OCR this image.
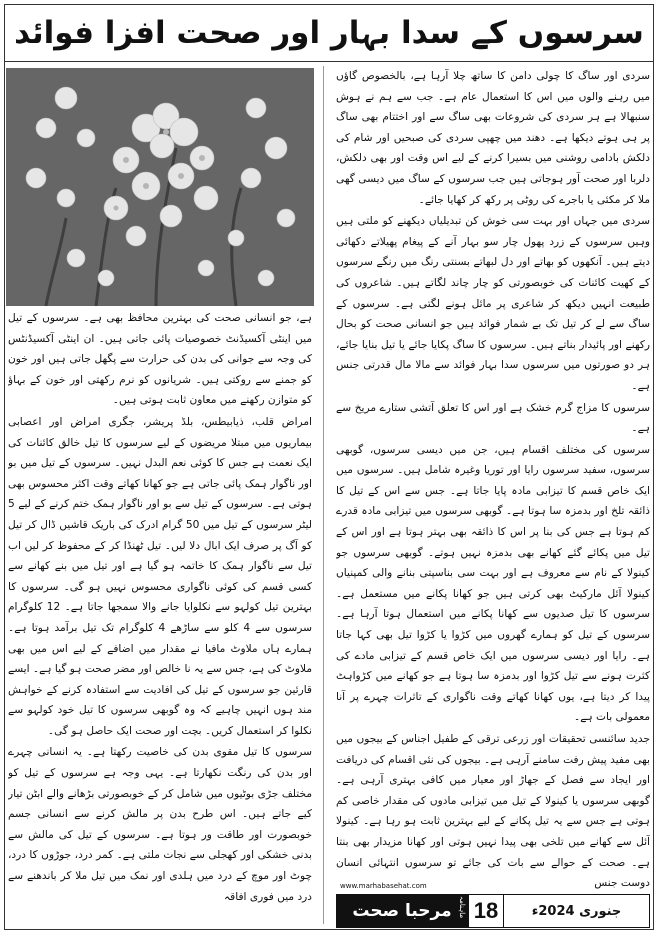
سرسوں کے سدا بہار اور صحت افزا فوائد

سردی اور ساگ کا چولی دامن کا ساتھ چلا آرہا ہے، بالخصوص گاؤں میں رہنے والوں میں اس کا استعمال عام ہے۔ جب سے ہم نے ہوش سنبھالا ہے ہر سردی کی شروعات بھی ساگ سے اور اختتام بھی ساگ پر ہی ہوتے دیکھا ہے۔ دھند میں چھپی سردی کی صبحیں اور شام کی دلکش بادامی روشنی میں بسیرا کرنے کے لیے اس وقت اور بھی دلکش، دلربا اور صحت آور ہوجاتی ہیں جب سرسوں کے ساگ میں دیسی گھی ملا کر مکئی یا باجرے کی روٹی پر رکھ کر کھایا جائے۔

سردی میں جہاں اور بہت سی خوش کن تبدیلیاں دیکھنے کو ملتی ہیں وہیں سرسوں کے زرد پھول چار سو بہار آنے کے پیغام پھیلاتے دکھائی دیتے ہیں۔ آنکھوں کو بھاتے اور دل لبھاتے بسنتی رنگ میں رنگے سرسوں کے کھیت کائنات کی خوبصورتی کو چار چاند لگاتے ہیں۔ شاعروں کی طبیعت انہیں دیکھ کر شاعری پر مائل ہونے لگتی ہے۔ سرسوں کے ساگ سے لے کر تیل تک بے شمار فوائد ہیں جو انسانی صحت کو بحال رکھنے اور پائیدار بناتے ہیں۔ سرسوں کا ساگ پکایا جائے یا تیل بنایا جائے، ہر دو صورتوں میں سرسوں سدا بہار فوائد سے مالا مال قدرتی جنس ہے۔

سرسوں کا مزاج گرم خشک ہے اور اس کا تعلق آتشی ستارے مریخ سے ہے۔

سرسوں کی مختلف اقسام ہیں، جن میں دیسی سرسوں، گوبھی سرسوں، سفید سرسوں رایا اور توریا وغیرہ شامل ہیں۔ سرسوں میں ایک خاص قسم کا تیزابی مادہ پایا جاتا ہے۔ جس سے اس کے تیل کا ذائقہ تلخ اور بدمزہ سا ہوتا ہے۔ گوبھی سرسوں میں تیزابی مادہ قدرے کم ہوتا ہے جس کی بنا پر اس کا ذائقہ بھی بہتر ہوتا ہے اور اس کے تیل میں پکائے گئے کھانے بھی بدمزہ نہیں ہوتے۔ گوبھی سرسوں جو کینولا کے نام سے معروف ہے اور بہت سی بناسپتی بنانے والی کمپنیاں کینولا آئل مارکیٹ بھی کرتی ہیں جو کھانا پکانے میں مستعمل ہے۔ سرسوں کا تیل صدیوں سے کھانا پکانے میں استعمال ہوتا آرہا ہے۔ سرسوں کے تیل کو ہمارے گھروں میں کڑوا یا کڑوا تیل بھی کہا جاتا ہے۔ رایا اور دیسی سرسوں میں ایک خاص قسم کے تیزابی مادے کی کثرت ہونے سے تیل کڑوا اور بدمزہ سا ہوتا ہے جو کھانے میں کڑواہٹ پیدا کر دیتا ہے، یوں کھانا کھاتے وقت ناگواری کے تاثرات چہرے پر آنا معمولی بات ہے۔

جدید سائنسی تحقیقات اور زرعی ترقی کے طفیل اجناس کے بیجوں میں بھی مفید پیش رفت سامنے آرہی ہے۔ بیجوں کی نئی اقسام کی دریافت اور ایجاد سے فصل کے جھاڑ اور معیار میں کافی بہتری آرہی ہے۔ گوبھی سرسوں یا کینولا کے تیل میں تیزابی مادوں کی مقدار خاصی کم ہوتی ہے جس سے یہ تیل پکانے کے لیے بہترین ثابت ہو رہا ہے۔ کینولا آئل سے کھانے میں تلخی بھی پیدا نہیں ہوتی اور کھانا مزیدار بھی بنتا ہے۔ صحت کے حوالے سے بات کی جائے تو سرسوں انتہائی انسان دوست جنس

ہے، جو انسانی صحت کی بہترین محافظ بھی ہے۔ سرسوں کے تیل میں اینٹی آکسیڈنٹ خصوصیات پائی جاتی ہیں۔ ان اینٹی آکسیڈنٹس کی وجہ سے جوانی کی بدن کی حرارت سے پگھل جاتی ہیں اور خون کو جمنے سے روکتی ہیں۔ شریانوں کو نرم رکھتی اور خون کے بہاؤ کو متوازن رکھنے میں معاون ثابت ہوتی ہیں۔

امراض قلب، ذیابیطس، بلڈ پریشر، جگری امراض اور اعصابی بیماریوں میں مبتلا مریضوں کے لیے سرسوں کا تیل خالق کائنات کی ایک نعمت ہے جس کا کوئی نعم البدل نہیں۔ سرسوں کے تیل میں بو اور ناگوار ہمک پائی جاتی ہے جو کھانا کھاتے وقت اکثر محسوس بھی ہوتی ہے۔ سرسوں کے تیل سے بو اور ناگوار ہمک ختم کرنے کے لیے 5 لیٹر سرسوں کے تیل میں 50 گرام ادرک کی باریک قاشیں ڈال کر تیل کو آگ پر صرف ایک ابال دلا لیں۔ تیل ٹھنڈا کر کے محفوظ کر لیں اب تیل سے ناگوار ہمک کا خاتمہ ہو گیا ہے اور تیل میں بنے کھانے سے کسی قسم کی کوئی ناگواری محسوس نہیں ہو گی۔ سرسوں کا بہترین تیل کولہو سے نکلوایا جانے والا سمجھا جاتا ہے۔ 12 کلوگرام سرسوں سے 4 کلو سے ساڑھے 4 کلوگرام تک تیل برآمد ہوتا ہے۔ ہمارے ہاں ملاوٹ مافیا نے مقدار میں اضافے کے لیے اس میں بھی ملاوٹ کی ہے، جس سے یہ نا خالص اور مضر صحت ہو گیا ہے۔ ایسے قارئین جو سرسوں کے تیل کی افادیت سے استفادہ کرنے کے خواہش مند ہوں انہیں چاہیے کہ وہ گوبھی سرسوں کا تیل خود کولہو سے نکلوا کر استعمال کریں۔ بچت اور صحت ایک حاصل ہو گی۔

سرسوں کا تیل مقوی بدن کی خاصیت رکھتا ہے۔ یہ انسانی چہرے اور بدن کی رنگت نکھارتا ہے۔ یہی وجہ ہے سرسوں کے تیل کو مختلف جڑی بوٹیوں میں شامل کر کے خوبصورتی بڑھانے والے ابٹن تیار کیے جاتے ہیں۔ اس طرح بدن پر مالش کرنے سے انسانی جسم خوبصورت اور طاقت ور ہوتا ہے۔ سرسوں کے تیل کی مالش سے بدنی خشکی اور کھجلی سے نجات ملتی ہے۔ کمر درد، جوڑوں کا درد، چوٹ اور موچ کے درد میں ہلدی اور نمک میں تیل ملا کر باندھنے سے درد میں فوری افاقہ

www.marhabasehat.com
ماہنامہ
مرحبا صحت 18	جنوری 2024ء
